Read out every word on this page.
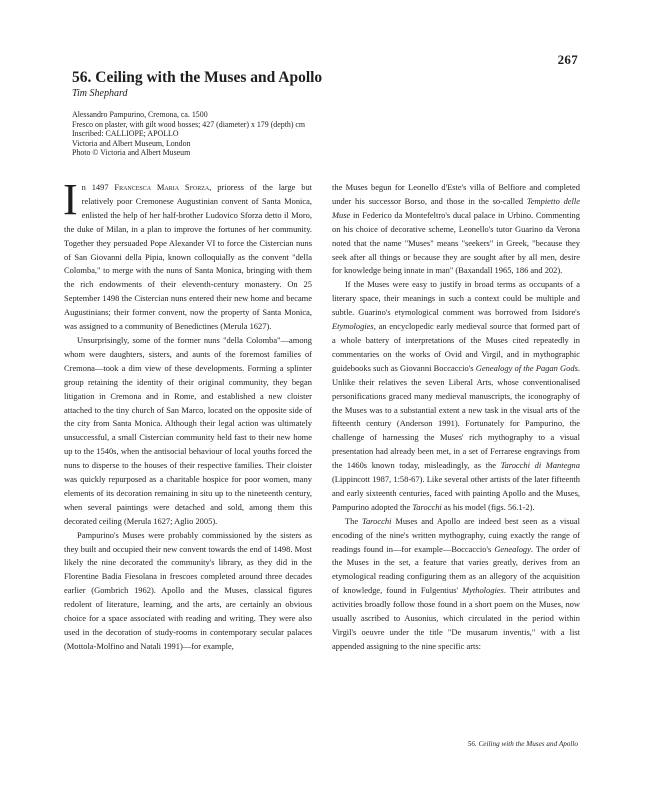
267
56. Ceiling with the Muses and Apollo
Tim Shephard
Alessandro Pampurino, Cremona, ca. 1500
Fresco on plaster, with gilt wood bosses; 427 (diameter) x 179 (depth) cm
Inscribed: CALLIOPE; APOLLO
Victoria and Albert Museum, London
Photo © Victoria and Albert Museum

In 1497 Francesca Maria Sforza, prioress of the large but relatively poor Cremonese Augustinian convent of Santa Monica, enlisted the help of her half-brother Ludovico Sforza detto il Moro, the duke of Milan, in a plan to improve the fortunes of her community. Together they persuaded Pope Alexander VI to force the Cistercian nuns of San Giovanni della Pipia, known colloquially as the convent "della Colomba," to merge with the nuns of Santa Monica, bringing with them the rich endowments of their eleventh-century monastery. On 25 September 1498 the Cistercian nuns entered their new home and became Augustinians; their former convent, now the property of Santa Monica, was assigned to a community of Benedictines (Merula 1627).

Unsurprisingly, some of the former nuns "della Colomba"—among whom were daughters, sisters, and aunts of the foremost families of Cremona—took a dim view of these developments. Forming a splinter group retaining the identity of their original community, they began litigation in Cremona and in Rome, and established a new cloister attached to the tiny church of San Marco, located on the opposite side of the city from Santa Monica. Although their legal action was ultimately unsuccessful, a small Cistercian community held fast to their new home up to the 1540s, when the antisocial behaviour of local youths forced the nuns to disperse to the houses of their respective families. Their cloister was quickly repurposed as a charitable hospice for poor women, many elements of its decoration remaining in situ up to the nineteenth century, when several paintings were detached and sold, among them this decorated ceiling (Merula 1627; Aglio 2005).

Pampurino's Muses were probably commissioned by the sisters as they built and occupied their new convent towards the end of 1498. Most likely the nine decorated the community's library, as they did in the Florentine Badia Fiesolana in frescoes completed around three decades earlier (Gombrich 1962). Apollo and the Muses, classical figures redolent of literature, learning, and the arts, are certainly an obvious choice for a space associated with reading and writing. They were also used in the decoration of study-rooms in contemporary secular palaces (Mottola-Molfino and Natali 1991)—for example,

the Muses begun for Leonello d'Este's villa of Belfiore and completed under his successor Borso, and those in the so-called Tempietto delle Muse in Federico da Montefeltro's ducal palace in Urbino. Commenting on his choice of decorative scheme, Leonello's tutor Guarino da Verona noted that the name "Muses" means "seekers" in Greek, "because they seek after all things or because they are sought after by all men, desire for knowledge being innate in man" (Baxandall 1965, 186 and 202).

If the Muses were easy to justify in broad terms as occupants of a literary space, their meanings in such a context could be multiple and subtle. Guarino's etymological comment was borrowed from Isidore's Etymologies, an encyclopedic early medieval source that formed part of a whole battery of interpretations of the Muses cited repeatedly in commentaries on the works of Ovid and Virgil, and in mythographic guidebooks such as Giovanni Boccaccio's Genealogy of the Pagan Gods. Unlike their relatives the seven Liberal Arts, whose conventionalised personifications graced many medieval manuscripts, the iconography of the Muses was to a substantial extent a new task in the visual arts of the fifteenth century (Anderson 1991). Fortunately for Pampurino, the challenge of harnessing the Muses' rich mythography to a visual presentation had already been met, in a set of Ferrarese engravings from the 1460s known today, misleadingly, as the Tarocchi di Mantegna (Lippincott 1987, 1:58-67). Like several other artists of the later fifteenth and early sixteenth centuries, faced with painting Apollo and the Muses, Pampurino adopted the Tarocchi as his model (figs. 56.1-2).

The Tarocchi Muses and Apollo are indeed best seen as a visual encoding of the nine's written mythography, cuing exactly the range of readings found in—for example—Boccaccio's Genealogy. The order of the Muses in the set, a feature that varies greatly, derives from an etymological reading configuring them as an allegory of the acquisition of knowledge, found in Fulgentius' Mythologies. Their attributes and activities broadly follow those found in a short poem on the Muses, now usually ascribed to Ausonius, which circulated in the period within Virgil's oeuvre under the title "De musarum inventis," with a list appended assigning to the nine specific arts:

56. Ceiling with the Muses and Apollo
